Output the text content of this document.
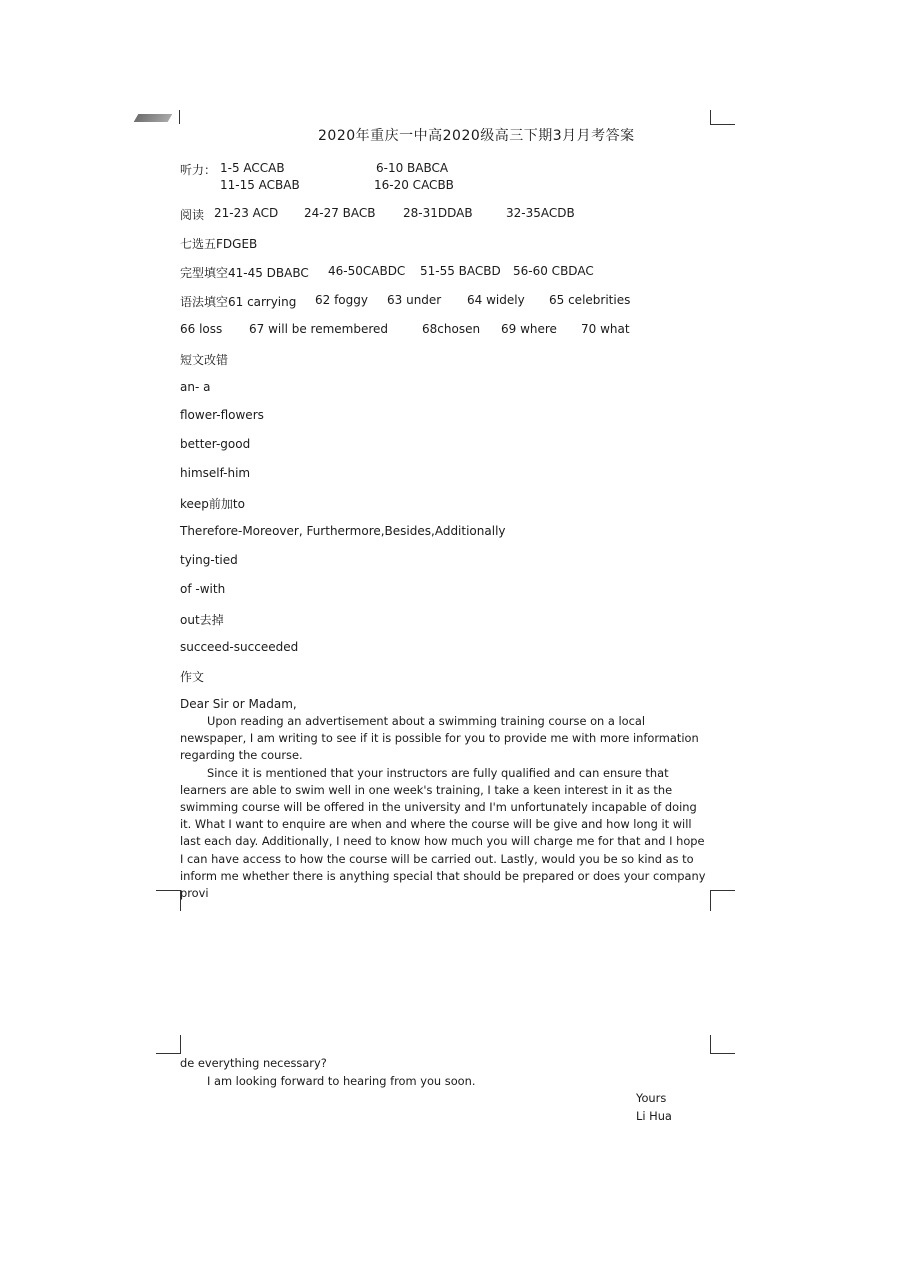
2020年重庆一中高2020级高三下期3月月考答案
听力： 1-5 ACCAB	6-10 BABCA
11-15 ACBAB	16-20 CACBB
阅读 21-23 ACD 24-27 BACB 28-31DDAB	32-35ACDB
七选五FDGEB
完型填空41-45 DBABC 46-50CABDC 51-55 BACBD 56-60 CBDAC
语法填空61 carrying 62 foggy 63 under 64 widely 65 celebrities
66 loss 67 will be remembered	68chosen 69 where 70 what
短文改错
an- a
flower-flowers
better-good
himself-him
keep前加to
Therefore-Moreover, Furthermore,Besides,Additionally
tying-tied
of -with
out去掉
succeed-succeeded
作文
Dear Sir or Madam,

Upon reading an advertisement about a swimming training course on a local newspaper, I am writing to see if it is possible for you to provide me with more information regarding the course.

Since it is mentioned that your instructors are fully qualified and can ensure that learners are able to swim well in one week's training, I take a keen interest in it as the swimming course will be offered in the university and I'm unfortunately incapable of doing it. What I want to enquire are when and where the course will be give and how long it will last each day. Additionally, I need to know how much you will charge me for that and I hope I can have access to how the course will be carried out. Lastly, would you be so kind as to inform me whether there is anything special that should be prepared or does your company provi

de everything necessary?
I am looking forward to hearing from you soon.
Yours
Li Hua
